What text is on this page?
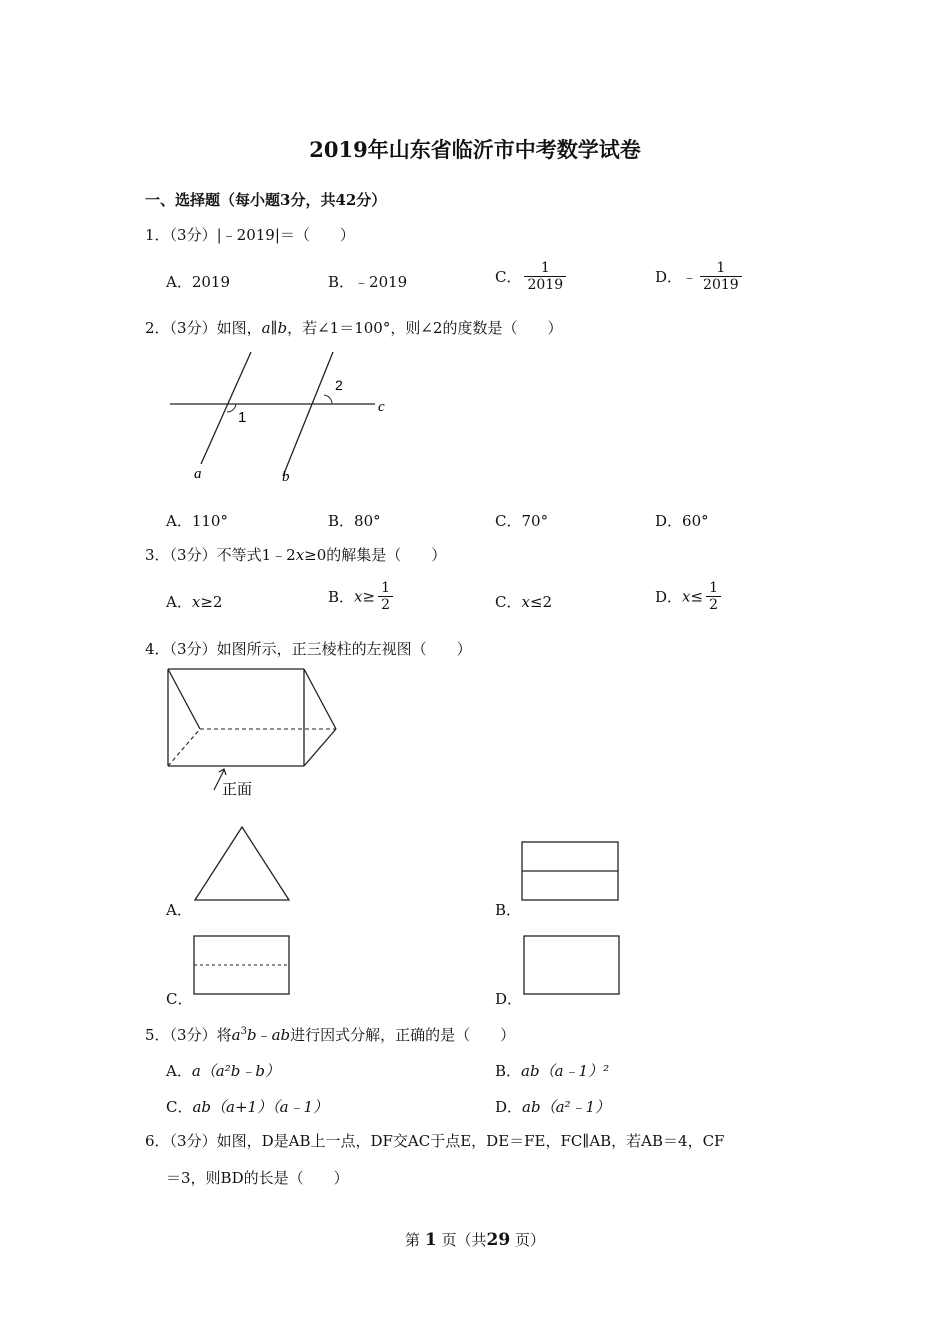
2019年山东省临沂市中考数学试卷
一、选择题（每小题3分，共42分）
1．（3分）|﹣2019|＝（　　）
A．2019	B．﹣2019	C． $\frac{1}{2019}$	D．﹣ $\frac{1}{2019}$
2．（3分）如图，a∥b，若∠1＝100°，则∠2的度数是（　　）
1
2
c
a	b
A．110°	B．80°	C．70°	D．60°
3．（3分）不等式1﹣2x≥0的解集是（　　）
A．x≥2	B．$x\ge \frac{1}{2}$	C．x≤2	D．$x\le \frac{1}{2}$
4．（3分）如图所示，正三棱柱的左视图（　　）
正面
A．	B．
C．	D．
5．（3分）将$a^3b﹣ab$进行因式分解，正确的是（　　）
A．a（a²b﹣b）	B．ab（a﹣1）²
C．ab（a+1）（a﹣1）	D．ab（a²﹣1）
6．（3分）如图，D是AB上一点，DF交AC于点E，DE＝FE，FC∥AB，若AB＝4，CF
＝3，则BD的长是（　　）
第 1 页（共29 页）
